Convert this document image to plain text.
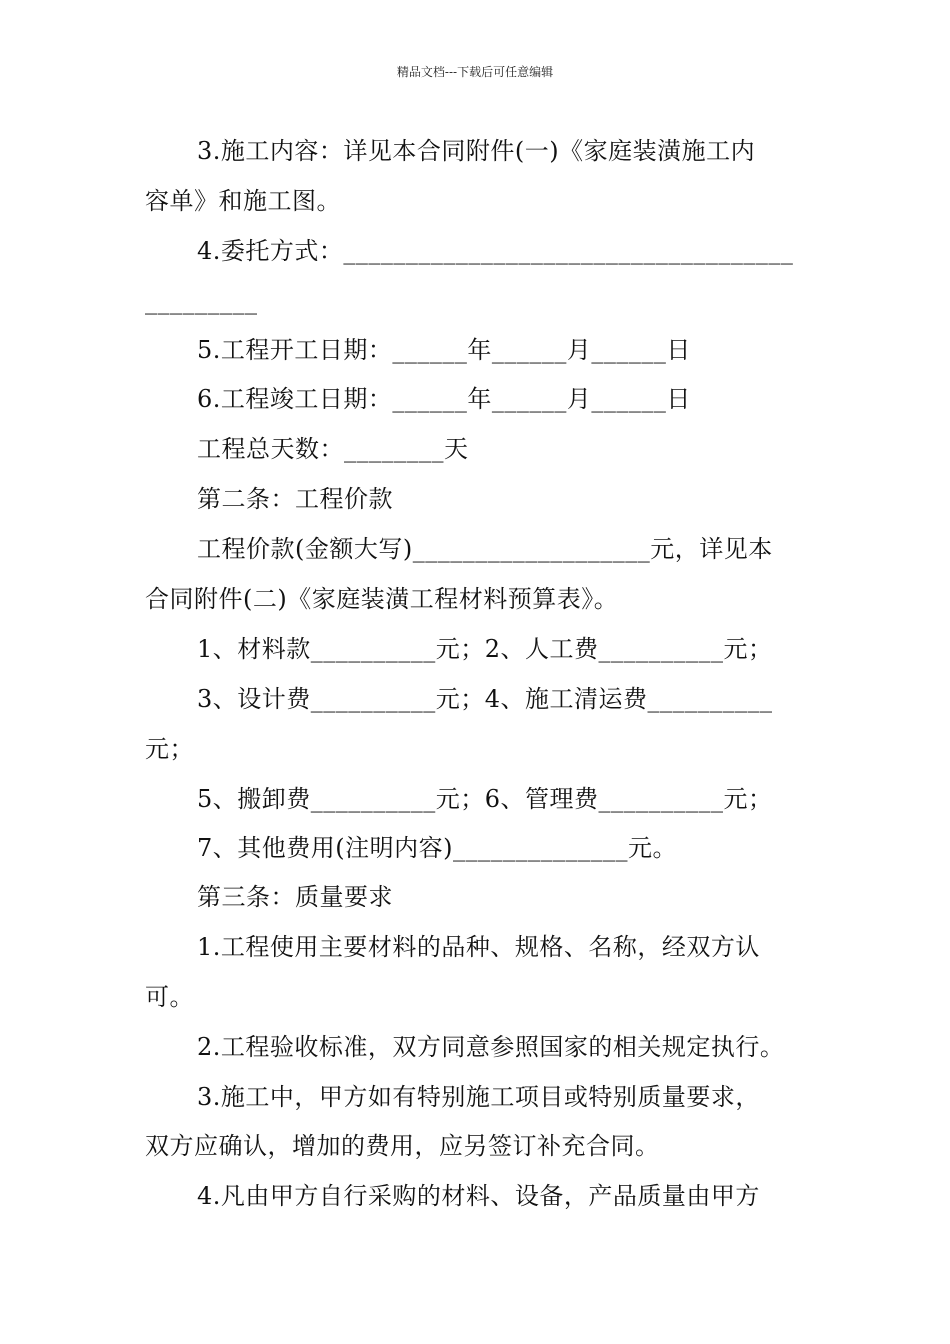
精品文档---下载后可任意编辑
3.施工内容：详见本合同附件(一)《家庭装潢施工内
容单》和施工图。
4.委托方式：____________________________________
_________
5.工程开工日期：______年______月______日
6.工程竣工日期：______年______月______日
工程总天数：________天
第二条：工程价款
工程价款(金额大写)___________________元，详见本
合同附件(二)《家庭装潢工程材料预算表》。
1、材料款__________元；2、人工费__________元；
3、设计费__________元；4、施工清运费__________
元；
5、搬卸费__________元；6、管理费__________元；
7、其他费用(注明内容)______________元。
第三条：质量要求
1.工程使用主要材料的品种、规格、名称，经双方认
可。
2.工程验收标准，双方同意参照国家的相关规定执行。
3.施工中，甲方如有特别施工项目或特别质量要求，
双方应确认，增加的费用，应另签订补充合同。
4.凡由甲方自行采购的材料、设备，产品质量由甲方
